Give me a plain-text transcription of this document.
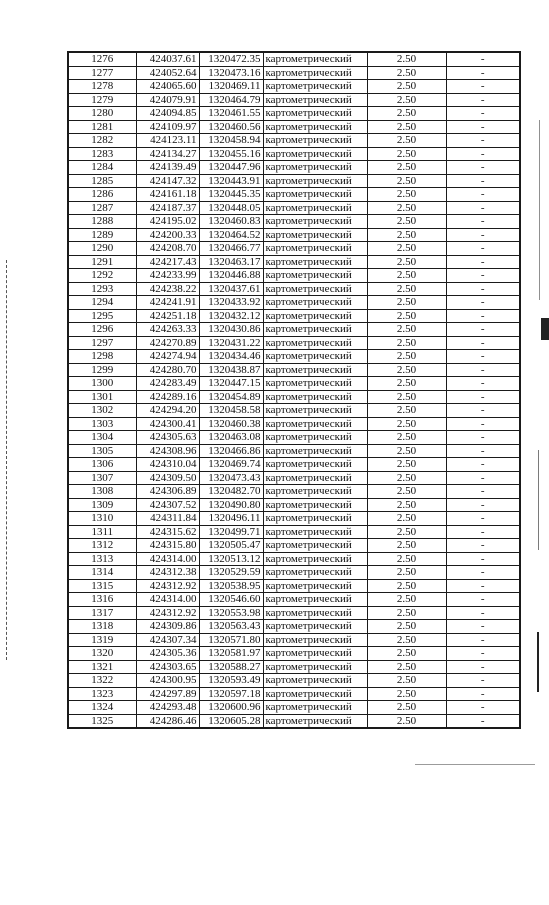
1276	424037.61	1320472.35	картометрический	2.50	-
1277	424052.64	1320473.16	картометрический	2.50	-
1278	424065.60	1320469.11	картометрический	2.50	-
1279	424079.91	1320464.79	картометрический	2.50	-
1280	424094.85	1320461.55	картометрический	2.50	-
1281	424109.97	1320460.56	картометрический	2.50	-
1282	424123.11	1320458.94	картометрический	2.50	-
1283	424134.27	1320455.16	картометрический	2.50	-
1284	424139.49	1320447.96	картометрический	2.50	-
1285	424147.32	1320443.91	картометрический	2.50	-
1286	424161.18	1320445.35	картометрический	2.50	-
1287	424187.37	1320448.05	картометрический	2.50	-
1288	424195.02	1320460.83	картометрический	2.50	-
1289	424200.33	1320464.52	картометрический	2.50	-
1290	424208.70	1320466.77	картометрический	2.50	-
1291	424217.43	1320463.17	картометрический	2.50	-
1292	424233.99	1320446.88	картометрический	2.50	-
1293	424238.22	1320437.61	картометрический	2.50	-
1294	424241.91	1320433.92	картометрический	2.50	-
1295	424251.18	1320432.12	картометрический	2.50	-
1296	424263.33	1320430.86	картометрический	2.50	-
1297	424270.89	1320431.22	картометрический	2.50	-
1298	424274.94	1320434.46	картометрический	2.50	-
1299	424280.70	1320438.87	картометрический	2.50	-
1300	424283.49	1320447.15	картометрический	2.50	-
1301	424289.16	1320454.89	картометрический	2.50	-
1302	424294.20	1320458.58	картометрический	2.50	-
1303	424300.41	1320460.38	картометрический	2.50	-
1304	424305.63	1320463.08	картометрический	2.50	-
1305	424308.96	1320466.86	картометрический	2.50	-
1306	424310.04	1320469.74	картометрический	2.50	-
1307	424309.50	1320473.43	картометрический	2.50	-
1308	424306.89	1320482.70	картометрический	2.50	-
1309	424307.52	1320490.80	картометрический	2.50	-
1310	424311.84	1320496.11	картометрический	2.50	-
1311	424315.62	1320499.71	картометрический	2.50	-
1312	424315.80	1320505.47	картометрический	2.50	-
1313	424314.00	1320513.12	картометрический	2.50	-
1314	424312.38	1320529.59	картометрический	2.50	-
1315	424312.92	1320538.95	картометрический	2.50	-
1316	424314.00	1320546.60	картометрический	2.50	-
1317	424312.92	1320553.98	картометрический	2.50	-
1318	424309.86	1320563.43	картометрический	2.50	-
1319	424307.34	1320571.80	картометрический	2.50	-
1320	424305.36	1320581.97	картометрический	2.50	-
1321	424303.65	1320588.27	картометрический	2.50	-
1322	424300.95	1320593.49	картометрический	2.50	-
1323	424297.89	1320597.18	картометрический	2.50	-
1324	424293.48	1320600.96	картометрический	2.50	-
1325	424286.46	1320605.28	картометрический	2.50	-
